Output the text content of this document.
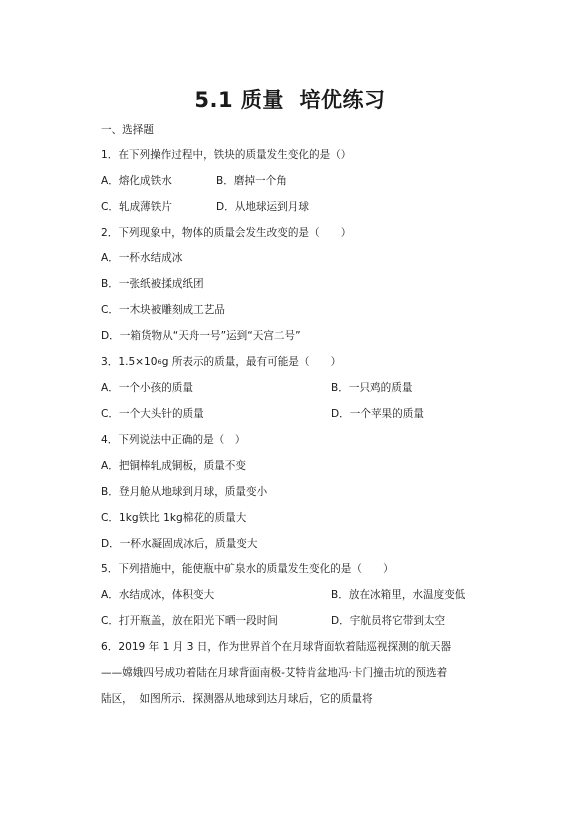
5.1 质量  培优练习
一、选择题
1．在下列操作过程中，铁块的质量发生变化的是（）
A．熔化成铁水	B．磨掉一个角
C．轧成薄铁片	D．从地球运到月球
2．下列现象中，物体的质量会发生改变的是（　　）
A．一杯水结成冰
B．一张纸被揉成纸团
C．一木块被雕刻成工艺品
D．一箱货物从“天舟一号”运到“天宫二号”
3．$1.5\times 10^6g$ 所表示的质量，最有可能是（　　）
A．一个小孩的质量	B．一只鸡的质量
C．一个大头针的质量	D．一个苹果的质量
4．下列说法中正确的是（　）
A．把铜棒轧成铜板，质量不变
B．登月舱从地球到月球，质量变小
C．1kg铁比 1kg棉花的质量大
D．一杯水凝固成冰后，质量变大
5．下列措施中，能使瓶中矿泉水的质量发生变化的是（　　）
A．水结成冰，体积变大	B．放在冰箱里，水温度变低
C．打开瓶盖，放在阳光下晒一段时间	D．宇航员将它带到太空
6．2019 年 1 月 3 日，作为世界首个在月球背面软着陆巡视探测的航天器
——嫦娥四号成功着陆在月球背面南极-艾特肯盆地冯·卡门撞击坑的预选着
陆区，  如图所示．探测器从地球到达月球后，它的质量将
